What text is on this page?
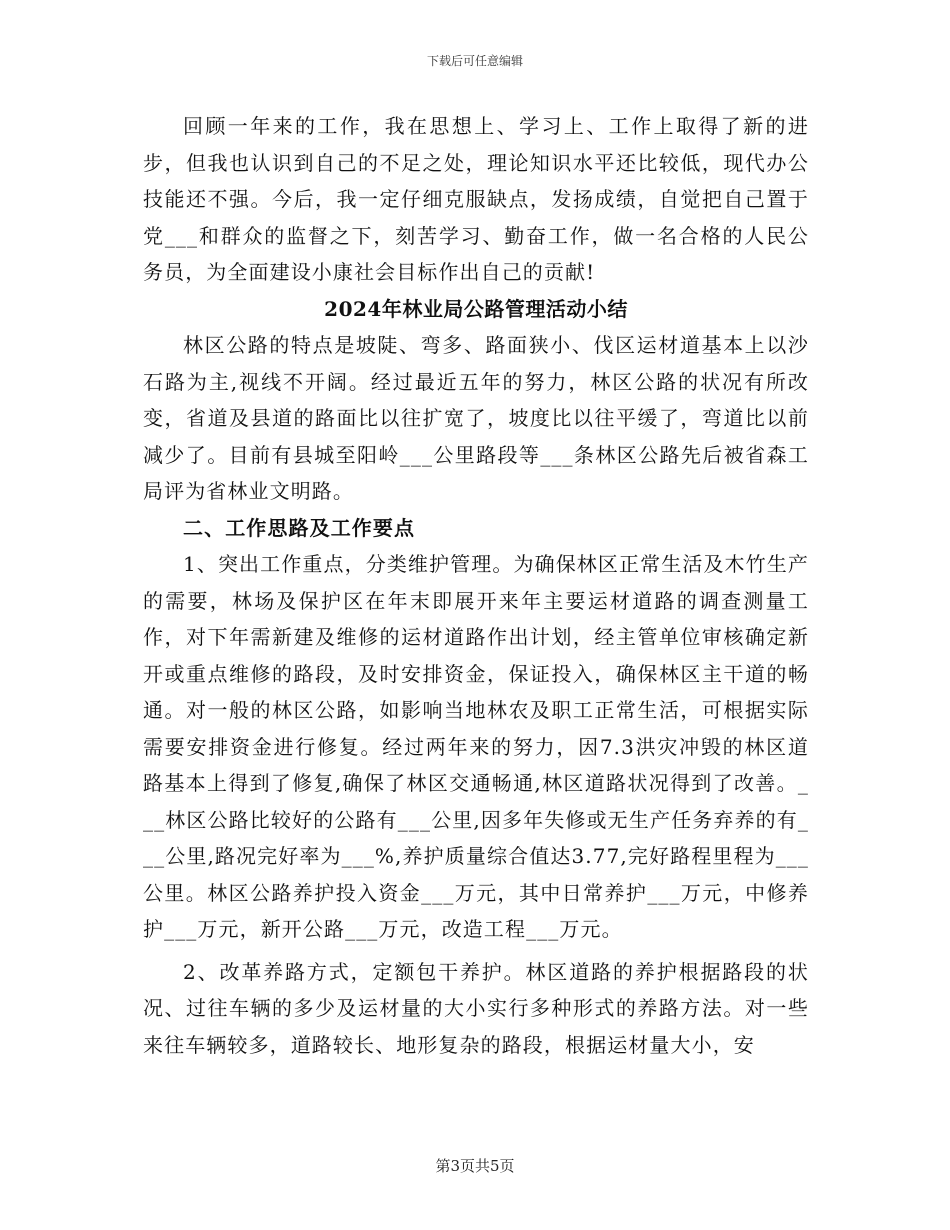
下载后可任意编辑

回顾一年来的工作，我在思想上、学习上、工作上取得了新的进步，但我也认识到自己的不足之处，理论知识水平还比较低，现代办公技能还不强。今后，我一定仔细克服缺点，发扬成绩，自觉把自己置于党___和群众的监督之下，刻苦学习、勤奋工作，做一名合格的人民公务员，为全面建设小康社会目标作出自己的贡献!

2024年林业局公路管理活动小结

林区公路的特点是坡陡、弯多、路面狭小、伐区运材道基本上以沙石路为主,视线不开阔。经过最近五年的努力，林区公路的状况有所改变，省道及县道的路面比以往扩宽了，坡度比以往平缓了，弯道比以前减少了。目前有县城至阳岭___公里路段等___条林区公路先后被省森工局评为省林业文明路。

二、工作思路及工作要点

1、突出工作重点，分类维护管理。为确保林区正常生活及木竹生产的需要，林场及保护区在年末即展开来年主要运材道路的调查测量工作，对下年需新建及维修的运材道路作出计划，经主管单位审核确定新开或重点维修的路段，及时安排资金，保证投入，确保林区主干道的畅通。对一般的林区公路，如影响当地林农及职工正常生活，可根据实际需要安排资金进行修复。经过两年来的努力，因7.3洪灾冲毁的林区道路基本上得到了修复,确保了林区交通畅通,林区道路状况得到了改善。___林区公路比较好的公路有___公里,因多年失修或无生产任务弃养的有___公里,路况完好率为___%,养护质量综合值达3.77,完好路程里程为___公里。林区公路养护投入资金___万元，其中日常养护___万元，中修养护___万元，新开公路___万元，改造工程___万元。

2、改革养路方式，定额包干养护。林区道路的养护根据路段的状况、过往车辆的多少及运材量的大小实行多种形式的养路方法。对一些来往车辆较多，道路较长、地形复杂的路段，根据运材量大小，安

第3页共5页
